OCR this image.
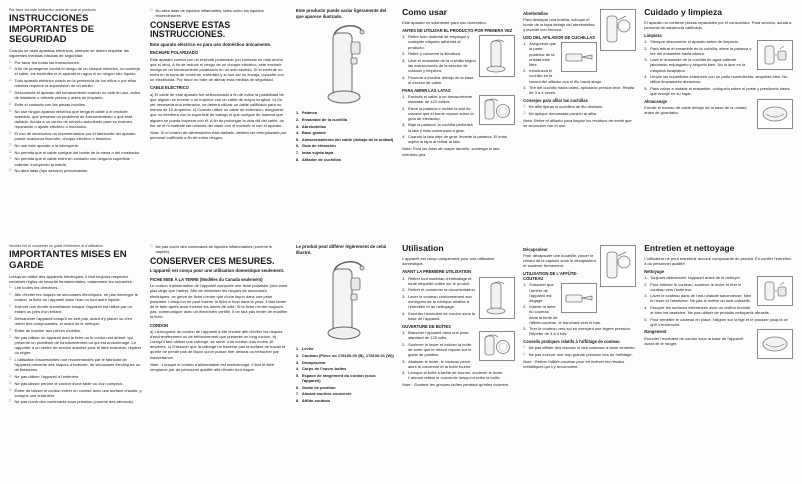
Por favor lea este instructivo antes de usar el producto

INSTRUCCIONES IMPORTANTES DE SEGURIDAD

Cuando se usan aparatos eléctricos, siempre se deben respetar las siguientes medidas básicas de seguridad:

□ Por favor lea todas las instrucciones.
□ A fin de protegerse contra el riesgo de un choque eléctrico, no sumerja el cable, los enchufes ni el aparato en agua ni en ningún otro líquido.
□ Todo aparato eléctrico usado en la presencia de los niños o por ellos mismos requiere la supervisión de un adulto.
□ Desconecte el aparato del tomacorriente cuando no esté en uso, antes de instalarle o retirarle piezas y antes de limpiarlo.
□ Evite el contacto con las piezas móviles.
□ No use ningún aparato eléctrico que tenga el cable o el enchufe averiado, que presente un problema de funcionamiento o que esté dañado. Acuda a un centro de servicio autorizado para su examen, reparación o ajuste eléctrico o mecánico.
□ El uso de accesorios no recomendados por el fabricante del aparato puede ocasionar incendio, choque eléctrico o lesiones.
□ No use este aparato a la intemperie.
□ No permita que el cable cuelgue del borde de la mesa o del mostrador.
□ No permita que el cable entre en contacto con ninguna superficie caliente, incluyendo la estufa.
□ No abra latas (tipo aerosol) presurizadas.
□ No abra latas de líquidos inflamables, tales como los líquidos encendedores.
CONSERVE ESTAS INSTRUCCIONES.

Este aparato eléctrico es para uso doméstico únicamente.

ENCHUFE POLARIZADO

Este aparato cuenta con un enchufe polarizado (un contacto es más ancho que el otro). A fin de reducir el riesgo de un choque eléctrico, este enchufe encaja en un tomacorriente polarizado en un solo sentido. Si el enchufe no entra en la toma de corriente, inviértalo y si aun así no encaja, consulte con un electricista. Por favor no trate de alterar esta medida de seguridad.

CABLE ELÉCTRICO

a) El cable de este aparato fue seleccionado a fin de evitar la posibilidad de que alguien se enrede o se tropiece con un cable de mayor longitud. b) De ser necesaria una extensión, se deberá utilizar un cable calificado para no menos de 10 amperios. c) Cuando utilice un cable de extensión, asegúrese que no interfiera con la superficie de trabajo ni que cuelgue de manera que alguien se pueda tropezar con él. A fin de prolongar la vida útil del cable, no tire de él ni maltrate las uniones del cable con el enchufe ni con el aparato.

Nota: Si el cordón de alimentación está dañado, deberá ser reemplazado por personal calificado a fin de evitar riesgos.

Este producto puede variar ligeramente del que aparece ilustrado.

Palanca
Ensamble de la cuchilla
Abrebotellas
Base grande
Almacenamiento del cable (debajo de la unidad)
Guía de elevación
Imán sujeta tapa
Afilador de cuchillas
Como usar

Este aparato es solamente para uso doméstico.

ANTES DE UTILIZAR EL PRODUCTO POR PRIMERA VEZ

Retire todo material de empaque y cualquier etiqueta adherida al producto.
Retire y conserve la literatura.
Lave el ensamble de la cuchilla según las instrucciones de la sección de cuidado y limpieza.
Proceda a enrollar debajo de la base el exceso de cable.

PARA ABRIR LAS LATAS

Enchufe el cable a un tomacorriente estándar de 120 voltios.
Eleve la palanca e incline la lata de manera que el borde repose sobre la guía de elevación.
Baje la palanca; la cuchilla perforará la lata y ésta comenzará a girar.
Cuando la lata deje de girar, levante la palanca. El imán sujeta la tapa al retirar la lata.

Nota: Para las latas de mayor tamaño, sostenga la lata mientras gira.

Abrebotellas

Para destapar una botella, coloque el borde de la tapa debajo del abrebotellas y levante con firmeza.

USO DEL AFILADOR DE CUCHILLAS

Asegúrese que la parte posterior de la unidad esté libre.
Introduzca el cuchillo en la ranura del afilador con el filo hacia abajo.
Tire del cuchillo hacia usted, aplicando presión leve. Repita de 3 a 4 veces.

Consejos para afilar las cuchillas

□ No afile tijeras ni cuchillos de filo dentado.
□ No aplique demasiada presión al afilar.

Nota: Retire el afilador para limpiar los residuos de metal que se acumulan con el uso.

Cuidado y limpieza

El aparato no contiene piezas reparables por el consumidor. Para servicio, acuda a personal de asistencia calificado.

Limpieza

Siempre desconecte el aparato antes de limpiarlo.
Para retirar el ensamble de la cuchilla, eleve la palanca y tire del ensamble hacia afuera.
Lave el ensamble de la cuchilla en agua caliente jabonada; enjuáguelo y séquelo bien. No lo lave en la máquina lavaplatos.
Limpie las superficies exteriores con un paño humedecido; séquelas bien. No utilice limpiadores abrasivos.
Para volver a instalar el ensamble, colóquelo sobre el poste y presiónelo hasta que encaje en su lugar.

Almacenaje

Enrolle el exceso de cable debajo de la base de la unidad antes de guardarla.

Veuillez lire et conserver ce guide d'entretien et d'utilisation

IMPORTANTES MISES EN GARDE

Lorsqu'on utilise des appareils électriques, il faut toujours respecter certaines règles de sécurité fondamentales, notamment les suivantes :

□ Lire toutes les directives.
□ Afin d'éviter les risques de secousses électriques, ne pas immerger le cordon, la fiche ou l'appareil dans l'eau ou tout autre liquide.
□ Exercer une étroite surveillance lorsque l'appareil est utilisé par un enfant ou près d'un enfant.
□ Débrancher l'appareil lorsqu'il ne sert pas, avant d'y placer ou d'en retirer des composantes, et avant de le nettoyer.
□ Éviter de toucher aux pièces mobiles.
□ Ne pas utiliser un appareil dont la fiche ou le cordon est abîmé, qui présente un problème de fonctionnement ou qui est endommagé. Le rapporter à un centre de service autorisé pour le faire examiner, réparer ou régler.
□ L'utilisation d'accessoires non recommandés par le fabricant de l'appareil présente des risques d'incendie, de secousses électriques ou de blessures.
□ Ne pas utiliser l'appareil à l'extérieur.
□ Ne pas laisser pendre le cordon d'une table ou d'un comptoir.
□ Éviter de laisser le cordon entrer en contact avec une surface chaude, y compris une cuisinière.
□ Ne pas ouvrir des contenants sous pression (comme des aérosols).
□ Ne pas ouvrir des contenants de liquides inflammables (comme le naphte).
CONSERVER CES MESURES.

L'appareil est conçu pour une utilisation domestique seulement.

FICHE MISE À LA TERRE (Modèles du Canada seulement)

Le cordon d'alimentation de l'appareil comporte une fiche polarisée (une lame plus large que l'autre). Afin de minimiser les risques de secousses électriques, ce genre de fiche n'entre que d'une façon dans une prise polarisée. Lorsqu'on ne peut insérer la fiche à fond dans la prise, il faut tenter de le faire après avoir inversé les lames de côté. Si la fiche n'entre toujours pas, communiquer avec un électricien certifié. Il ne faut pas tenter de modifier la fiche.

CORDON

a) La longueur du cordon de l'appareil a été choisie afin d'éviter les risques d'enchevêtrement ou de trébuchement que présente un long cordon. b) Lorsqu'il faut utiliser une rallonge, se servir d'un cordon d'au moins 10 ampères. c) S'assurer que la rallonge ne traverse pas la surface de travail et qu'elle ne pende pas de façon qu'on puisse tirer dessus ou trébucher par inadvertance.

Note : Lorsque le cordon d'alimentation est endommagé, il faut le faire remplacer par du personnel qualifié afin d'éviter tout risque.

Le produit peut différer légèrement de celui illustré.

Levier
Couteau (Pièce no 178100-00 (B), 178100-01 (W))
Décapsuleur
Corps de l'ouvre-boîtes
Espace de rangement du cordon (sous l'appareil)
Guide de position
Aimant soulève-couvercle
Affûte-couteau
Utilisation

L'appareil est conçu uniquement pour une utilisation domestique.

AVANT LA PREMIÈRE UTILISATION

Retirer tout matériau d'emballage et toute étiquette collée sur le produit.
Retirer et conserver la documentation.
Laver le couteau conformément aux consignes de la rubrique relative à l'entretien et au nettoyage.
Enrouler l'excédent de cordon sous la base de l'appareil.

OUVERTURE DE BOÎTES

Brancher l'appareil dans une prise standard de 120 volts.
Soulever le levier et incliner la boîte de sorte que le rebord repose sur le guide de position.
Abaisser le levier; le couteau perce alors le couvercle et la boîte tourne.
Lorsque la boîte s'arrête de tourner, soulever le levier. L'aimant retient le couvercle lorsqu'on retire la boîte.

Note : Soutenir les grosses boîtes pendant qu'elles tournent.

Décapsuleur

Pour décapsuler une bouteille, placer le rebord de la capsule sous le décapsuleur et soulever fermement.

UTILISATION DE L'AFFÛTE-COUTEAU

S'assurer que l'arrière de l'appareil est dégagé.
Insérer la lame du couteau dans la fente de l'affûte-couteau, le tranchant vers le bas.
Tirer le couteau vers soi en exerçant une légère pression. Répéter de 3 à 4 fois.

Conseils pratiques relatifs à l'affûtage de couteau

□ Ne pas affûter des ciseaux ni des couteaux à lame dentelée.
□ Ne pas exercer une trop grande pression lors de l'affûtage.

Note : Retirer l'affûte-couteau pour en enlever les résidus métalliques qui s'y accumulent.

Entretien et nettoyage

L'utilisateur ne peut entretenir aucune composante du produit. En confier l'entretien à du personnel qualifié.

Nettoyage

Toujours débrancher l'appareil avant de le nettoyer.
Pour enlever le couteau, soulever le levier et tirer le couteau vers l'extérieur.
Laver le couteau dans de l'eau chaude savonneuse; bien le rincer et l'assécher. Ne pas le mettre au lave-vaisselle.
Essuyer les surfaces extérieures avec un chiffon humide et bien les assécher. Ne pas utiliser de produits nettoyants abrasifs.
Pour remettre le couteau en place, l'aligner sur la tige et le pousser jusqu'à ce qu'il s'enclenche.

Rangement

Enrouler l'excédent de cordon sous la base de l'appareil avant de le ranger.
